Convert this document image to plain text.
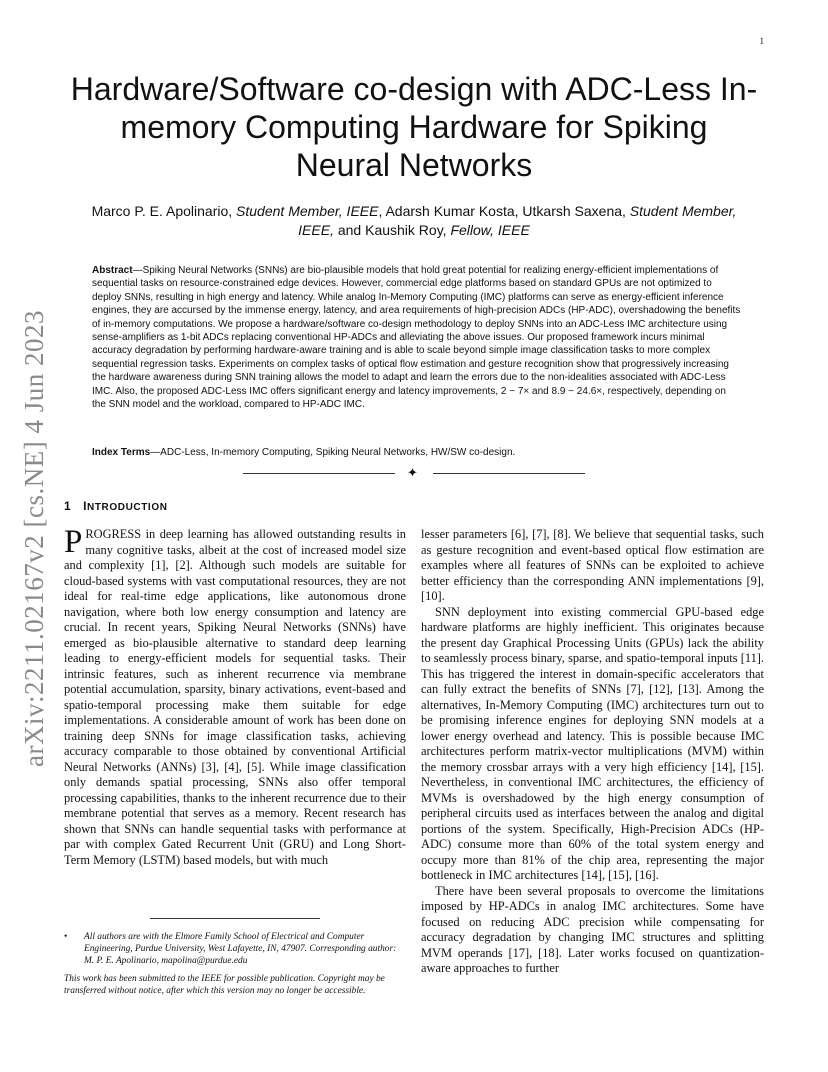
1
arXiv:2211.02167v2 [cs.NE] 4 Jun 2023
Hardware/Software co-design with ADC-Less In-memory Computing Hardware for Spiking Neural Networks
Marco P. E. Apolinario, Student Member, IEEE, Adarsh Kumar Kosta, Utkarsh Saxena, Student Member, IEEE, and Kaushik Roy, Fellow, IEEE
Abstract—Spiking Neural Networks (SNNs) are bio-plausible models that hold great potential for realizing energy-efficient implementations of sequential tasks on resource-constrained edge devices. However, commercial edge platforms based on standard GPUs are not optimized to deploy SNNs, resulting in high energy and latency. While analog In-Memory Computing (IMC) platforms can serve as energy-efficient inference engines, they are accursed by the immense energy, latency, and area requirements of high-precision ADCs (HP-ADC), overshadowing the benefits of in-memory computations. We propose a hardware/software co-design methodology to deploy SNNs into an ADC-Less IMC architecture using sense-amplifiers as 1-bit ADCs replacing conventional HP-ADCs and alleviating the above issues. Our proposed framework incurs minimal accuracy degradation by performing hardware-aware training and is able to scale beyond simple image classification tasks to more complex sequential regression tasks. Experiments on complex tasks of optical flow estimation and gesture recognition show that progressively increasing the hardware awareness during SNN training allows the model to adapt and learn the errors due to the non-idealities associated with ADC-Less IMC. Also, the proposed ADC-Less IMC offers significant energy and latency improvements, 2 − 7× and 8.9 − 24.6×, respectively, depending on the SNN model and the workload, compared to HP-ADC IMC.
Index Terms—ADC-Less, In-memory Computing, Spiking Neural Networks, HW/SW co-design.
✦
1 INTRODUCTION

PROGRESS in deep learning has allowed outstanding results in many cognitive tasks, albeit at the cost of increased model size and complexity [1], [2]. Although such models are suitable for cloud-based systems with vast computational resources, they are not ideal for real-time edge applications, like autonomous drone navigation, where both low energy consumption and latency are crucial. In recent years, Spiking Neural Networks (SNNs) have emerged as bio-plausible alternative to standard deep learning leading to energy-efficient models for sequential tasks. Their intrinsic features, such as inherent recurrence via membrane potential accumulation, sparsity, binary activations, event-based and spatio-temporal processing make them suitable for edge implementations. A considerable amount of work has been done on training deep SNNs for image classification tasks, achieving accuracy comparable to those obtained by conventional Artificial Neural Networks (ANNs) [3], [4], [5]. While image classification only demands spatial processing, SNNs also offer temporal processing capabilities, thanks to the inherent recurrence due to their membrane potential that serves as a memory. Recent research has shown that SNNs can handle sequential tasks with performance at par with complex Gated Recurrent Unit (GRU) and Long Short-Term Memory (LSTM) based models, but with much

lesser parameters [6], [7], [8]. We believe that sequential tasks, such as gesture recognition and event-based optical flow estimation are examples where all features of SNNs can be exploited to achieve better efficiency than the corresponding ANN implementations [9], [10].

SNN deployment into existing commercial GPU-based edge hardware platforms are highly inefficient. This originates because the present day Graphical Processing Units (GPUs) lack the ability to seamlessly process binary, sparse, and spatio-temporal inputs [11]. This has triggered the interest in domain-specific accelerators that can fully extract the benefits of SNNs [7], [12], [13]. Among the alternatives, In-Memory Computing (IMC) architectures turn out to be promising inference engines for deploying SNN models at a lower energy overhead and latency. This is possible because IMC architectures perform matrix-vector multiplications (MVM) within the memory crossbar arrays with a very high efficiency [14], [15]. Nevertheless, in conventional IMC architectures, the efficiency of MVMs is overshadowed by the high energy consumption of peripheral circuits used as interfaces between the analog and digital portions of the system. Specifically, High-Precision ADCs (HP-ADC) consume more than 60% of the total system energy and occupy more than 81% of the chip area, representing the major bottleneck in IMC architectures [14], [15], [16].

There have been several proposals to overcome the limitations imposed by HP-ADCs in analog IMC architectures. Some have focused on reducing ADC precision while compensating for accuracy degradation by changing IMC structures and splitting MVM operands [17], [18]. Later works focused on quantization-aware approaches to further

• All authors are with the Elmore Family School of Electrical and Computer Engineering, Purdue University, West Lafayette, IN, 47907. Corresponding author: M. P. E. Apolinario, mapolina@purdue.edu
This work has been submitted to the IEEE for possible publication. Copyright may be transferred without notice, after which this version may no longer be accessible.
